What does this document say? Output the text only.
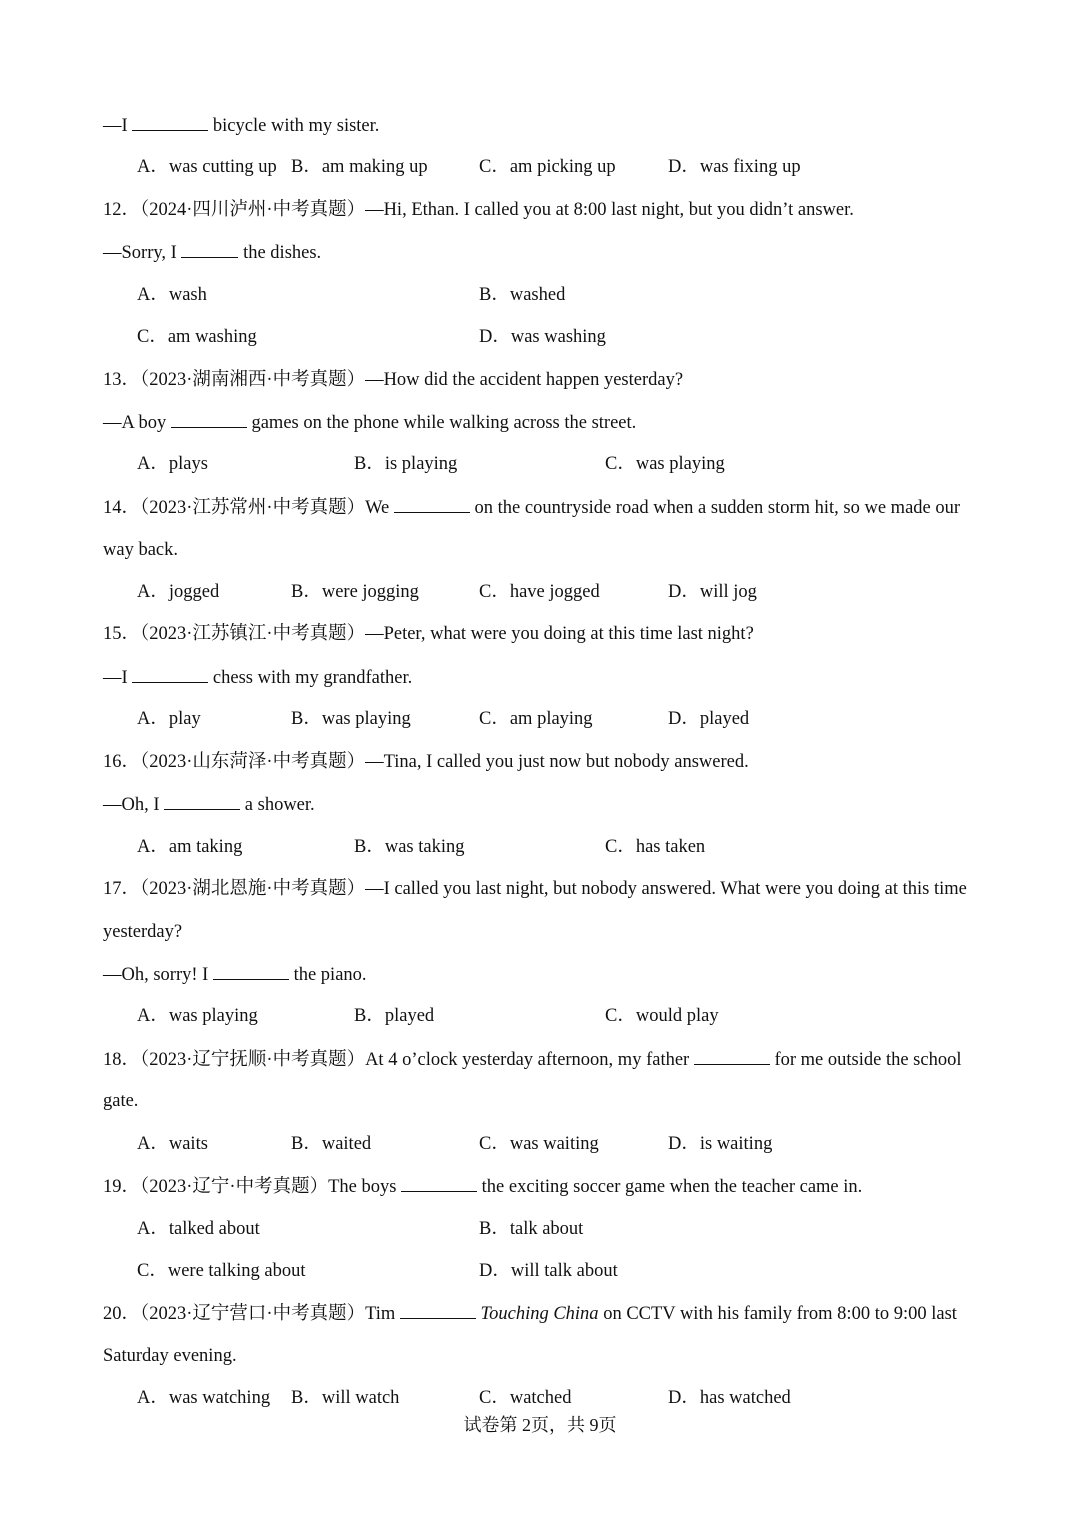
—I	bicycle with my sister.
A．was cutting up B．am making up	C．am picking up	D．was fixing up
12．（2024·四川泸州·中考真题）—Hi, Ethan. I called you at 8:00 last night, but you didn’t answer.
—Sorry, I	the dishes.
A．wash	B．washed
C．am washing	D．was washing
13．（2023·湖南湘西·中考真题）—How did the accident happen yesterday?
—A boy	games on the phone while walking across the street.
A．plays	B．is playing	C．was playing
14．（2023·江苏常州·中考真题）We	on the countryside road when a sudden storm hit, so we made our
way back.
A．jogged	B．were jogging	C．have jogged	D．will jog
15．（2023·江苏镇江·中考真题）—Peter, what were you doing at this time last night?
—I	chess with my grandfather.
A．play	B．was playing	C．am playing	D．played
16．（2023·山东菏泽·中考真题）—Tina, I called you just now but nobody answered.
—Oh, I	a shower.
A．am taking	B．was taking	C．has taken
17．（2023·湖北恩施·中考真题）—I called you last night, but nobody answered. What were you doing at this time
yesterday?
—Oh, sorry! I	the piano.
A．was playing	B．played	C．would play
18．（2023·辽宁抚顺·中考真题）At 4 o’clock yesterday afternoon, my father	for me outside the school
gate.
A．waits	B．waited	C．was waiting	D．is waiting
19．（2023·辽宁·中考真题）The boys	the exciting soccer game when the teacher came in.
A．talked about	B．talk about
C．were talking about	D．will talk about
20．（2023·辽宁营口·中考真题）Tim	Touching China on CCTV with his family from 8:00 to 9:00 last
Saturday evening.
A．was watching B．will watch	C．watched	D．has watched
试卷第 2页，共 9页
